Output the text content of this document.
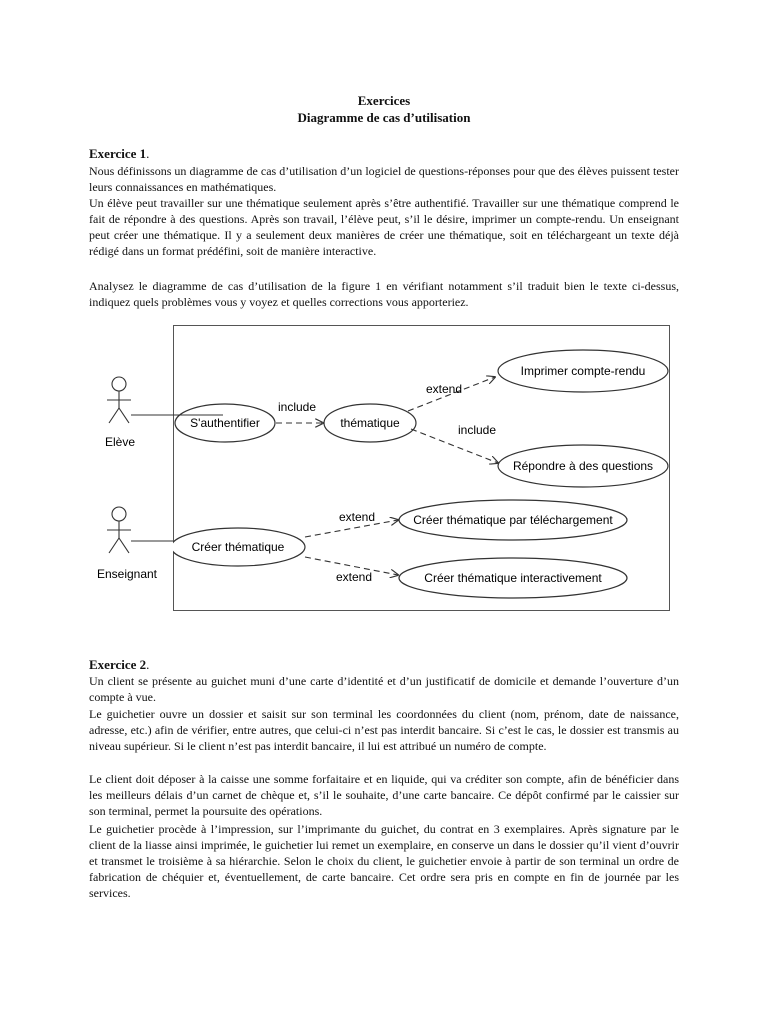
Exercices
Diagramme de cas d’utilisation
Exercice 1.
Nous définissons un diagramme de cas d’utilisation d’un logiciel de questions-réponses pour que des élèves puissent tester leurs connaissances en mathématiques.
Un élève peut travailler sur une thématique seulement après s’être authentifié. Travailler sur une thématique comprend le fait de répondre à des questions. Après son travail, l’élève peut, s’il le désire, imprimer un compte-rendu. Un enseignant peut créer une thématique. Il y a seulement deux manières de créer une thématique, soit en téléchargeant un texte déjà rédigé dans un format prédéfini, soit de manière interactive.
Analysez le diagramme de cas d’utilisation de la figure 1 en vérifiant notamment s’il traduit bien le texte ci-dessus, indiquez quels problèmes vous y voyez et quelles corrections vous apporteriez.
S'authentifier	thématique
Imprimer compte-rendu
Répondre à des questions
Créer thématique
Créer thématique par téléchargement
Créer thématique interactivement
include
extend
include
extend
extend
Elève
Enseignant
Exercice 2.
Un client se présente au guichet muni d’une carte d’identité et d’un justificatif de domicile et demande l’ouverture d’un compte à vue.
Le guichetier ouvre un dossier et saisit sur son terminal les coordonnées du client (nom, prénom, date de naissance, adresse, etc.) afin de vérifier, entre autres, que celui-ci n’est pas interdit bancaire. Si c’est le cas, le dossier est transmis au niveau supérieur. Si le client n’est pas interdit bancaire, il lui est attribué un numéro de compte.
Le client doit déposer à la caisse une somme forfaitaire et en liquide, qui va créditer son compte, afin de bénéficier dans les meilleurs délais d’un carnet de chèque et, s’il le souhaite, d’une carte bancaire. Ce dépôt confirmé par le caissier sur son terminal, permet la poursuite des opérations.
Le guichetier procède à l’impression, sur l’imprimante du guichet, du contrat en 3 exemplaires. Après signature par le client de la liasse ainsi imprimée, le guichetier lui remet un exemplaire, en conserve un dans le dossier qu’il vient d’ouvrir et transmet le troisième à sa hiérarchie. Selon le choix du client, le guichetier envoie à partir de son terminal un ordre de fabrication de chéquier et, éventuellement, de carte bancaire. Cet ordre sera pris en compte en fin de journée par les services.
